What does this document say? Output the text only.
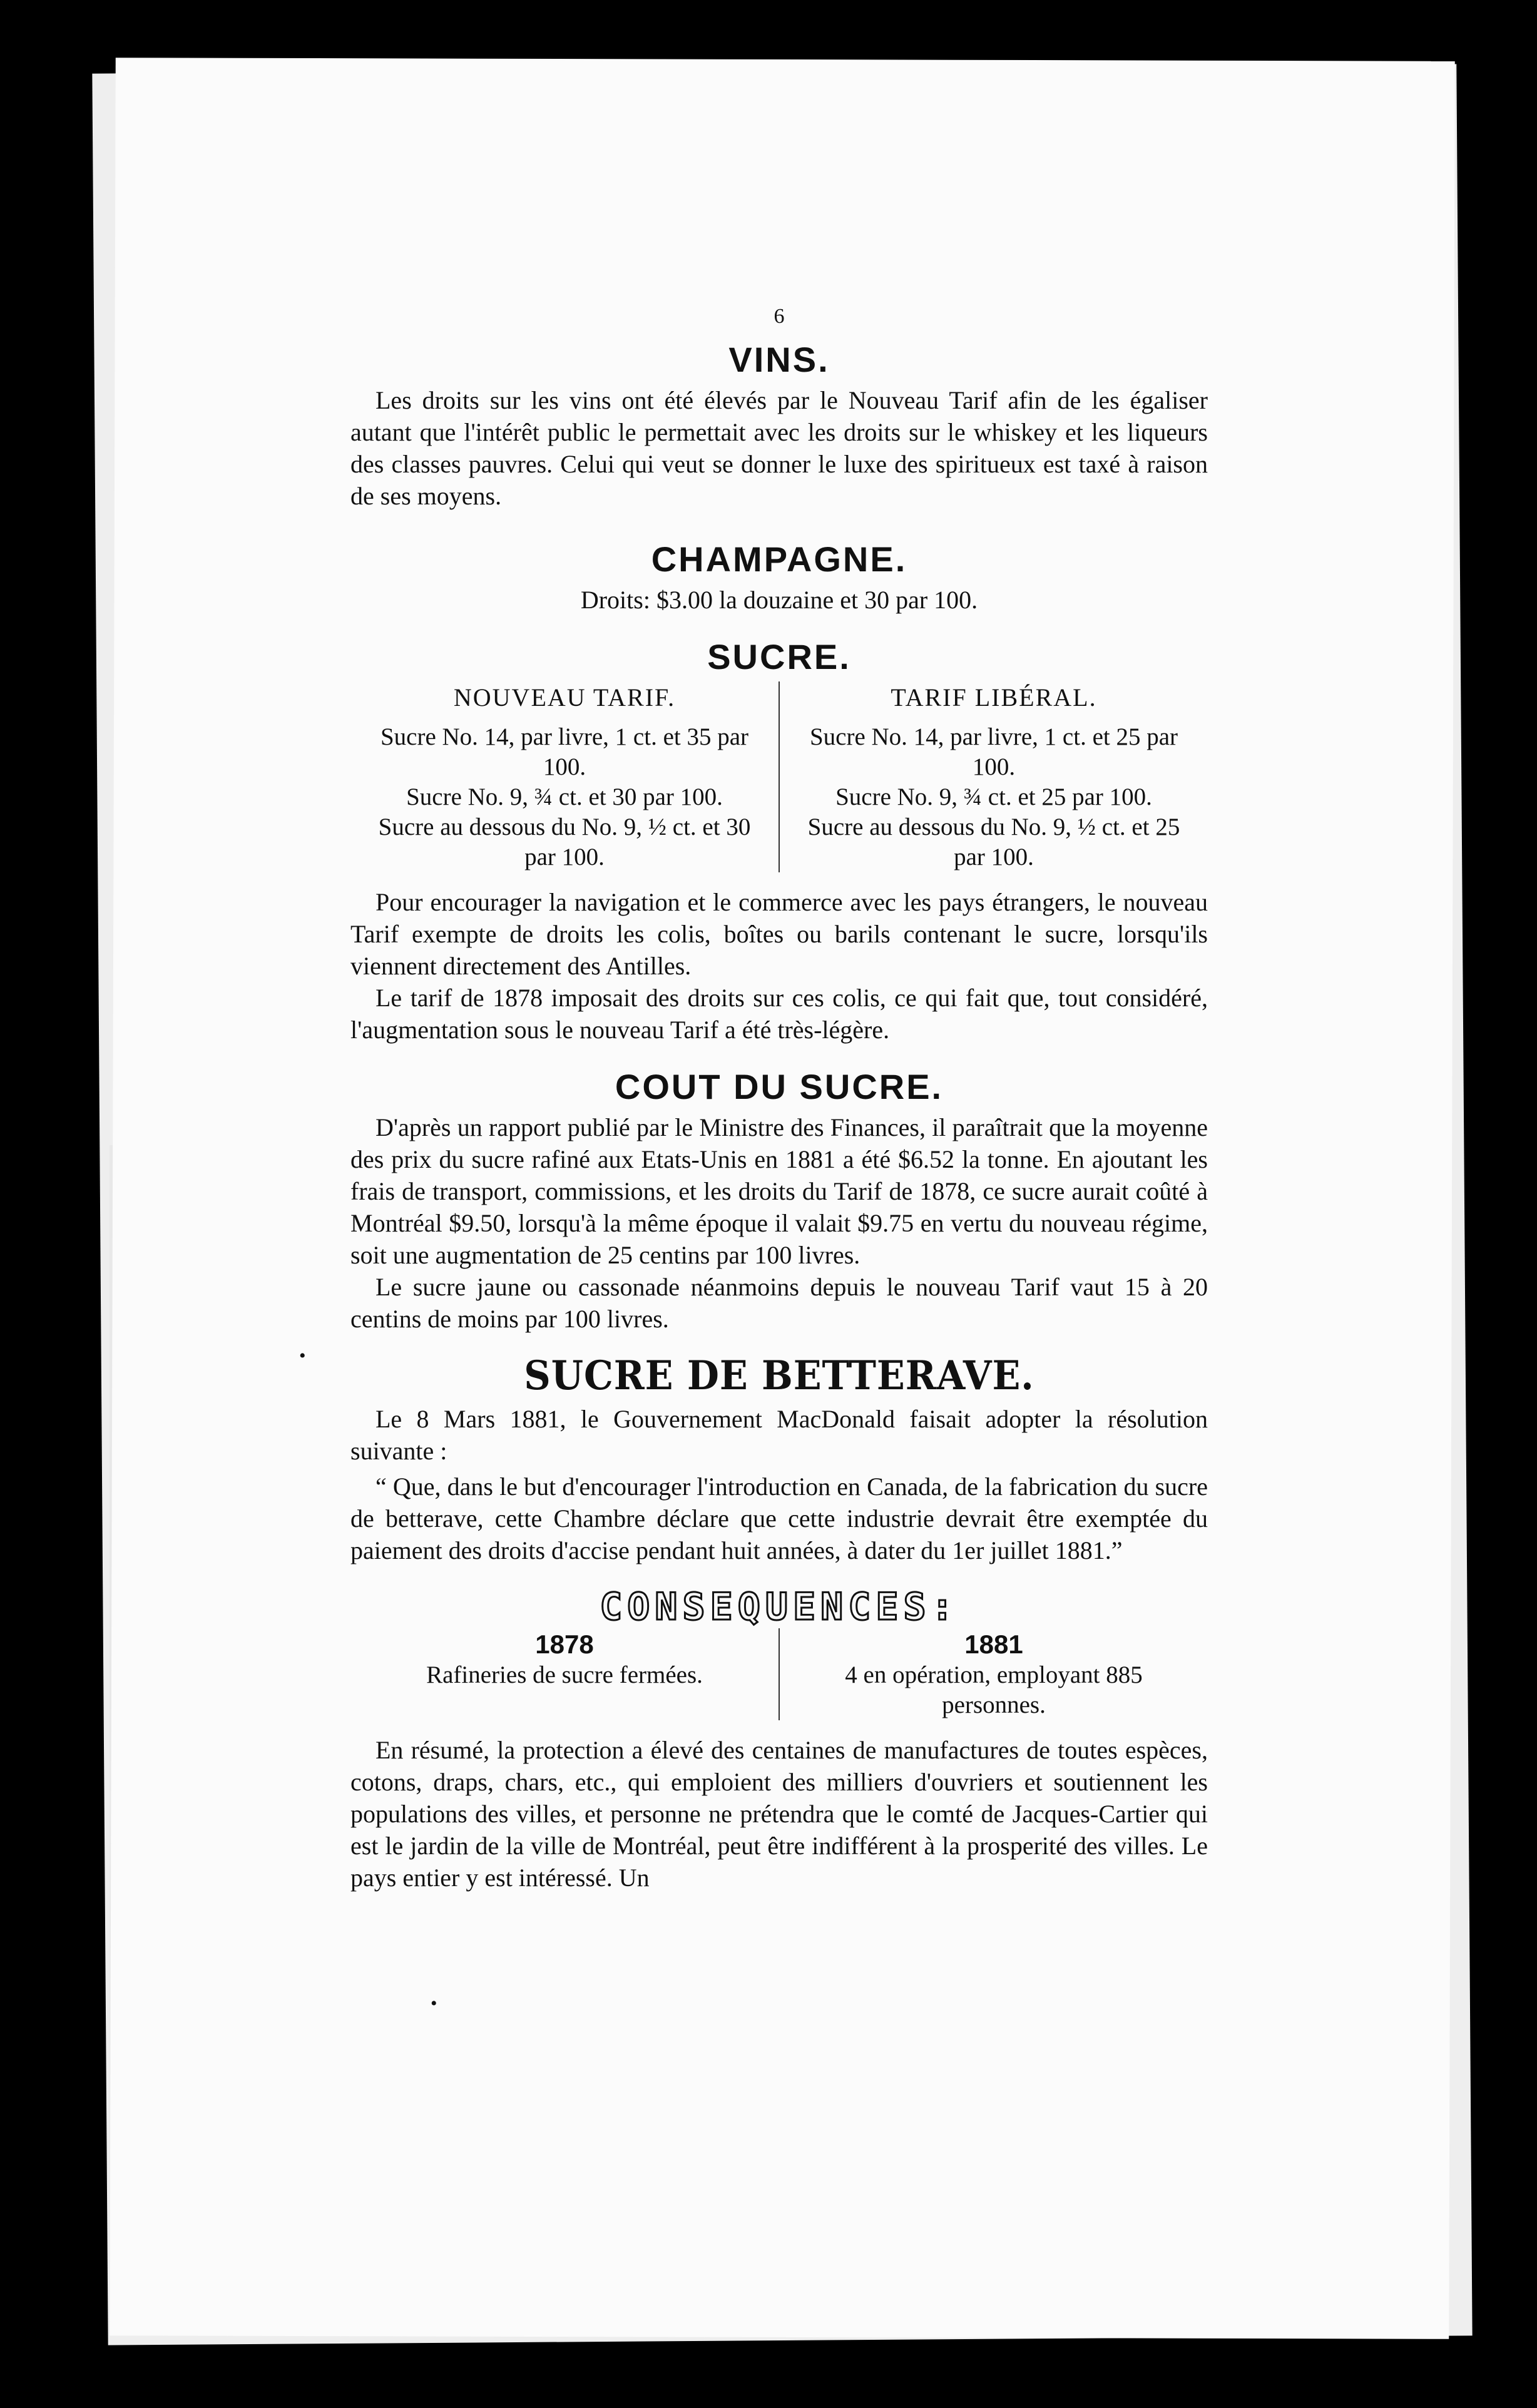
6
VINS.

Les droits sur les vins ont été élevés par le Nouveau Tarif afin de les égaliser autant que l'intérêt public le permettait avec les droits sur le whiskey et les liqueurs des classes pauvres. Celui qui veut se donner le luxe des spiritueux est taxé à raison de ses moyens.

CHAMPAGNE.

Droits: $3.00 la douzaine et 30 par 100.

SUCRE.
NOUVEAU TARIF.

Sucre No. 14, par livre, 1 ct. et 35 par 100.

Sucre No. 9, ¾ ct. et 30 par 100.

Sucre au dessous du No. 9, ½ ct. et 30 par 100.

TARIF LIBÉRAL.

Sucre No. 14, par livre, 1 ct. et 25 par 100.

Sucre No. 9, ¾ ct. et 25 par 100.

Sucre au dessous du No. 9, ½ ct. et 25 par 100.

Pour encourager la navigation et le commerce avec les pays étrangers, le nouveau Tarif exempte de droits les colis, boîtes ou barils contenant le sucre, lorsqu'ils viennent directement des Antilles.

Le tarif de 1878 imposait des droits sur ces colis, ce qui fait que, tout considéré, l'augmentation sous le nouveau Tarif a été très-légère.

COUT DU SUCRE.

D'après un rapport publié par le Ministre des Finances, il paraîtrait que la moyenne des prix du sucre rafiné aux Etats-Unis en 1881 a été $6.52 la tonne. En ajoutant les frais de transport, commissions, et les droits du Tarif de 1878, ce sucre aurait coûté à Montréal $9.50, lorsqu'à la même époque il valait $9.75 en vertu du nouveau régime, soit une augmentation de 25 centins par 100 livres.

Le sucre jaune ou cassonade néanmoins depuis le nouveau Tarif vaut 15 à 20 centins de moins par 100 livres.

SUCRE DE BETTERAVE.

Le 8 Mars 1881, le Gouvernement MacDonald faisait adopter la résolution suivante :

“ Que, dans le but d'encourager l'introduction en Canada, de la fabrication du sucre de betterave, cette Chambre déclare que cette industrie devrait être exemptée du paiement des droits d'accise pendant huit années, à dater du 1er juillet 1881.”

CONSEQUENCES:
1878

Rafineries de sucre fermées.

1881

4 en opération, employant 885 personnes.

En résumé, la protection a élevé des centaines de manufactures de toutes espèces, cotons, draps, chars, etc., qui emploient des milliers d'ouvriers et soutiennent les populations des villes, et personne ne prétendra que le comté de Jacques-Cartier qui est le jardin de la ville de Montréal, peut être indifférent à la prosperité des villes. Le pays entier y est intéressé. Un

•
•
